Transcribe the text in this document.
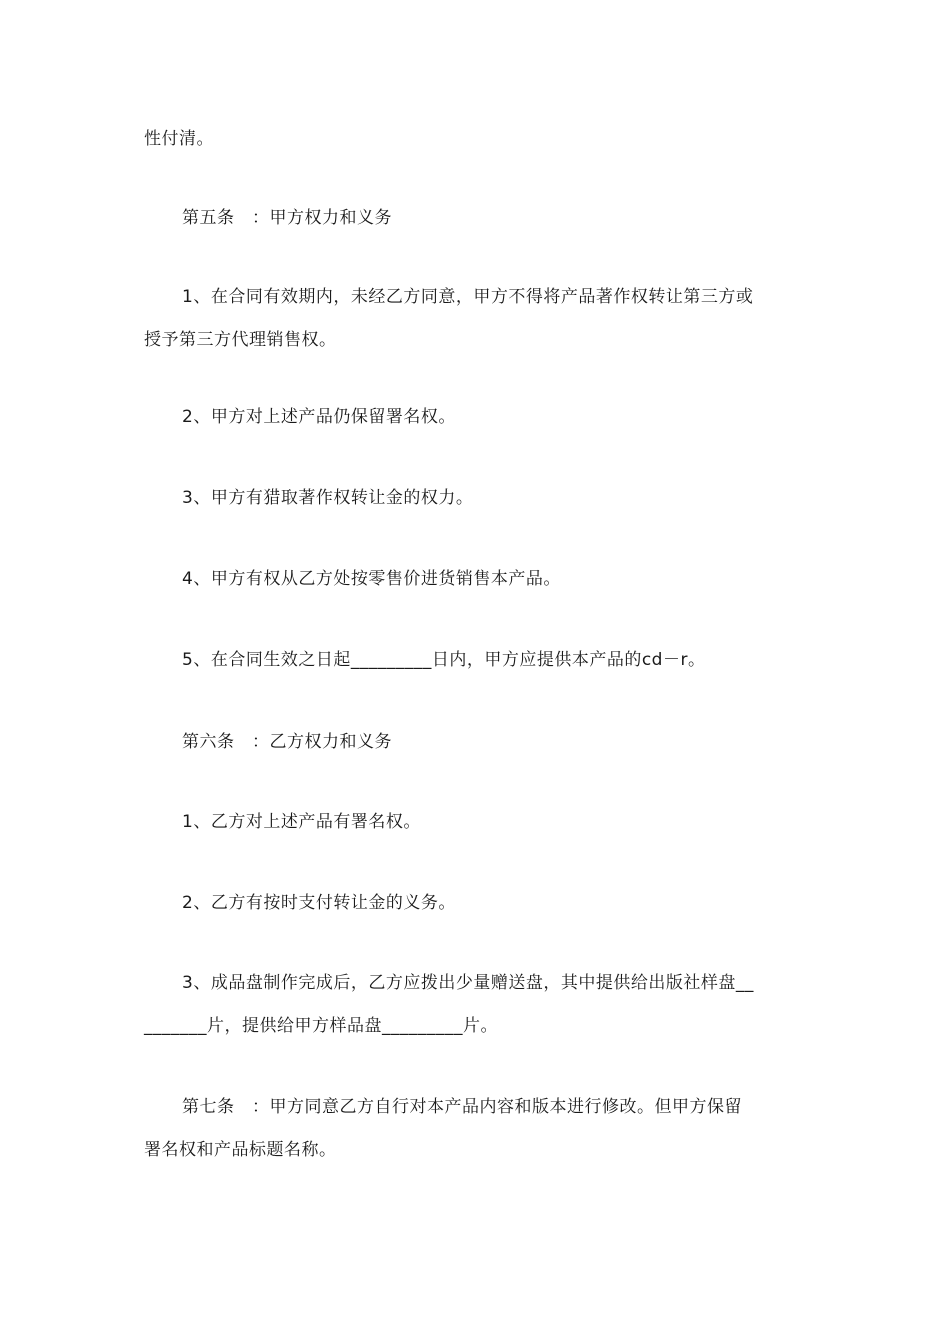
性付清。
第五条　：甲方权力和义务
1、在合同有效期内，未经乙方同意，甲方不得将产品著作权转让第三方或
授予第三方代理销售权。
2、甲方对上述产品仍保留署名权。
3、甲方有猎取著作权转让金的权力。
4、甲方有权从乙方处按零售价进货销售本产品。
5、在合同生效之日起_________日内，甲方应提供本产品的cd－r。
第六条　：乙方权力和义务
1、乙方对上述产品有署名权。
2、乙方有按时支付转让金的义务。
3、成品盘制作完成后，乙方应拨出少量赠送盘，其中提供给出版社样盘__
_______片，提供给甲方样品盘_________片。
第七条　：甲方同意乙方自行对本产品内容和版本进行修改。但甲方保留
署名权和产品标题名称。
